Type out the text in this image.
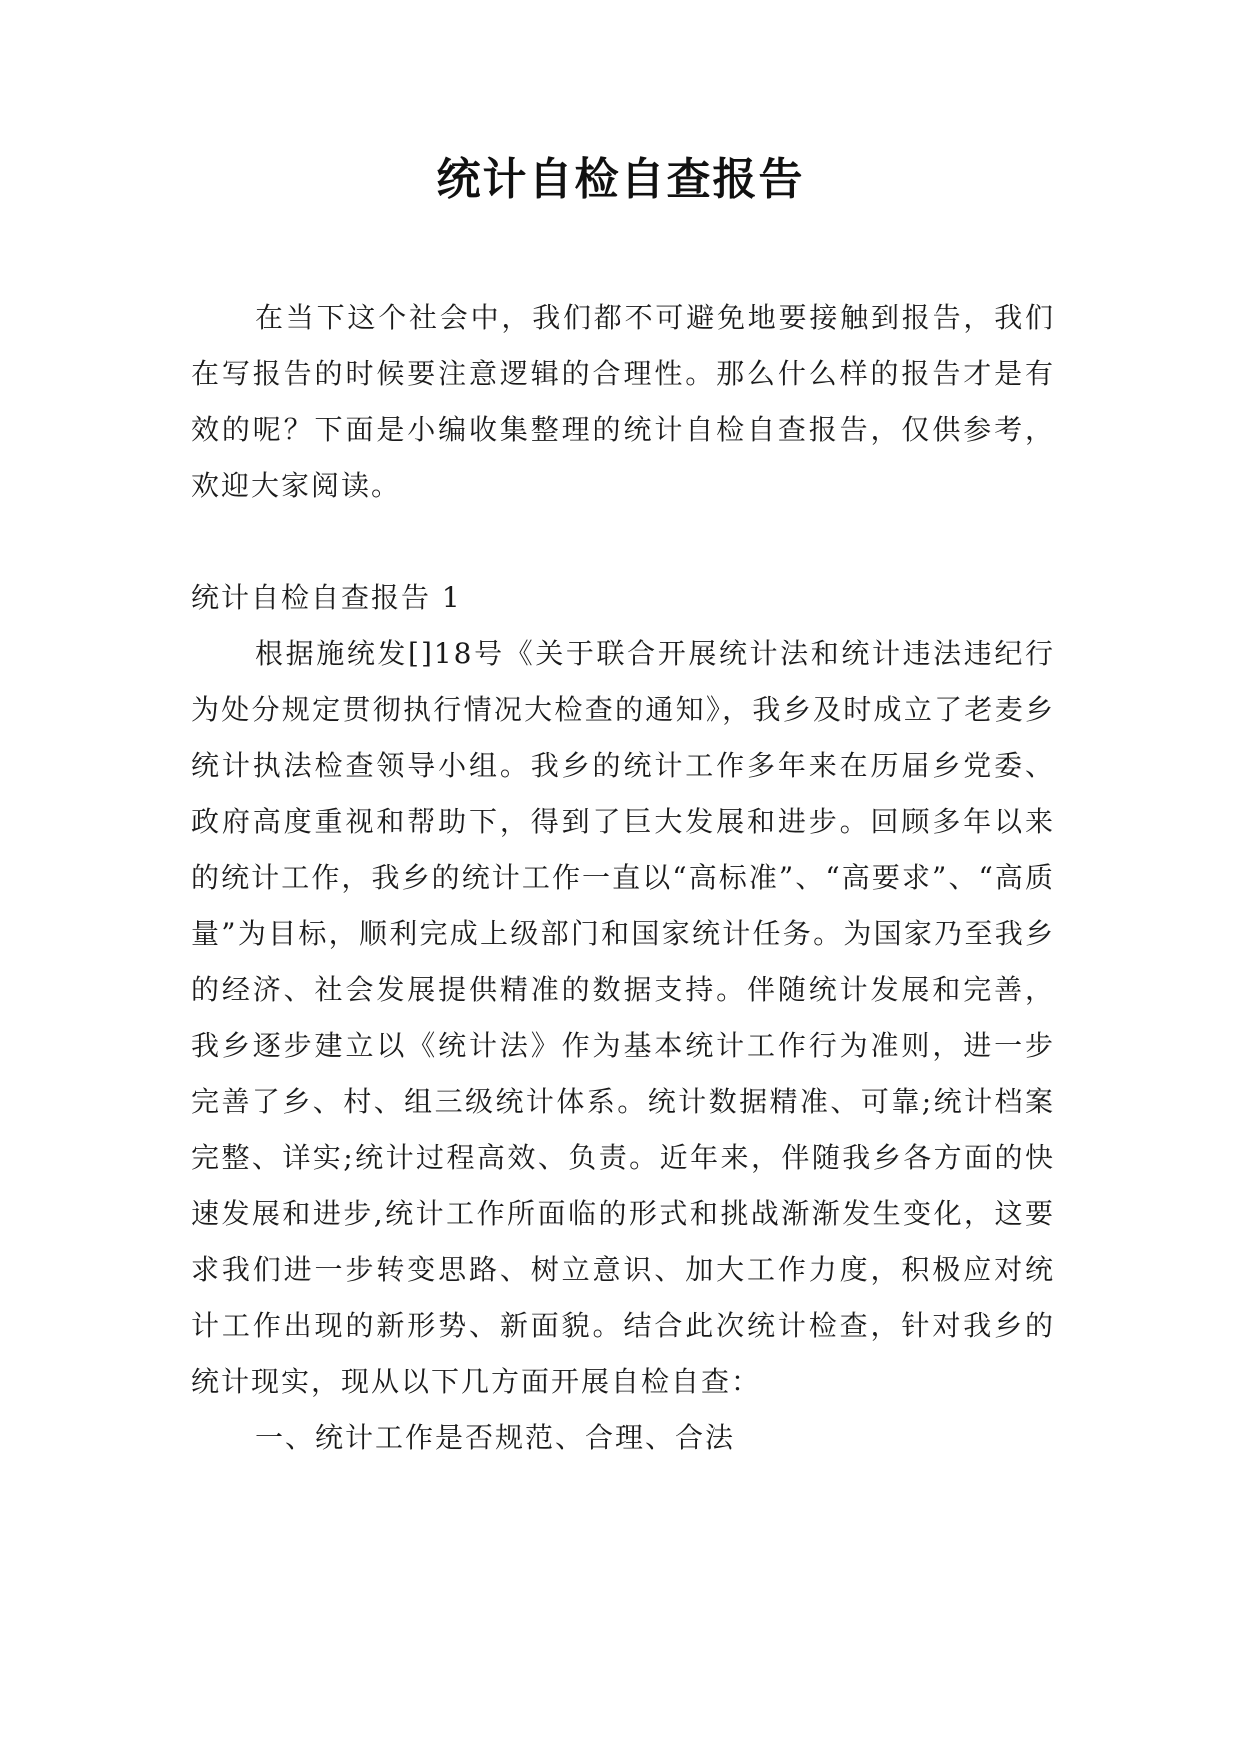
统计自检自查报告

在当下这个社会中，我们都不可避免地要接触到报告，我们在写报告的时候要注意逻辑的合理性。那么什么样的报告才是有效的呢？下面是小编收集整理的统计自检自查报告，仅供参考，欢迎大家阅读。

统计自检自查报告 1

根据施统发[]18号《关于联合开展统计法和统计违法违纪行为处分规定贯彻执行情况大检查的通知》，我乡及时成立了老麦乡统计执法检查领导小组。我乡的统计工作多年来在历届乡党委、政府高度重视和帮助下，得到了巨大发展和进步。回顾多年以来的统计工作，我乡的统计工作一直以“高标准”、“高要求”、“高质量”为目标，顺利完成上级部门和国家统计任务。为国家乃至我乡的经济、社会发展提供精准的数据支持。伴随统计发展和完善，我乡逐步建立以《统计法》作为基本统计工作行为准则，进一步完善了乡、村、组三级统计体系。统计数据精准、可靠;统计档案完整、详实;统计过程高效、负责。近年来，伴随我乡各方面的快速发展和进步,统计工作所面临的形式和挑战渐渐发生变化，这要求我们进一步转变思路、树立意识、加大工作力度，积极应对统计工作出现的新形势、新面貌。结合此次统计检查，针对我乡的统计现实，现从以下几方面开展自检自查：

一、统计工作是否规范、合理、合法
